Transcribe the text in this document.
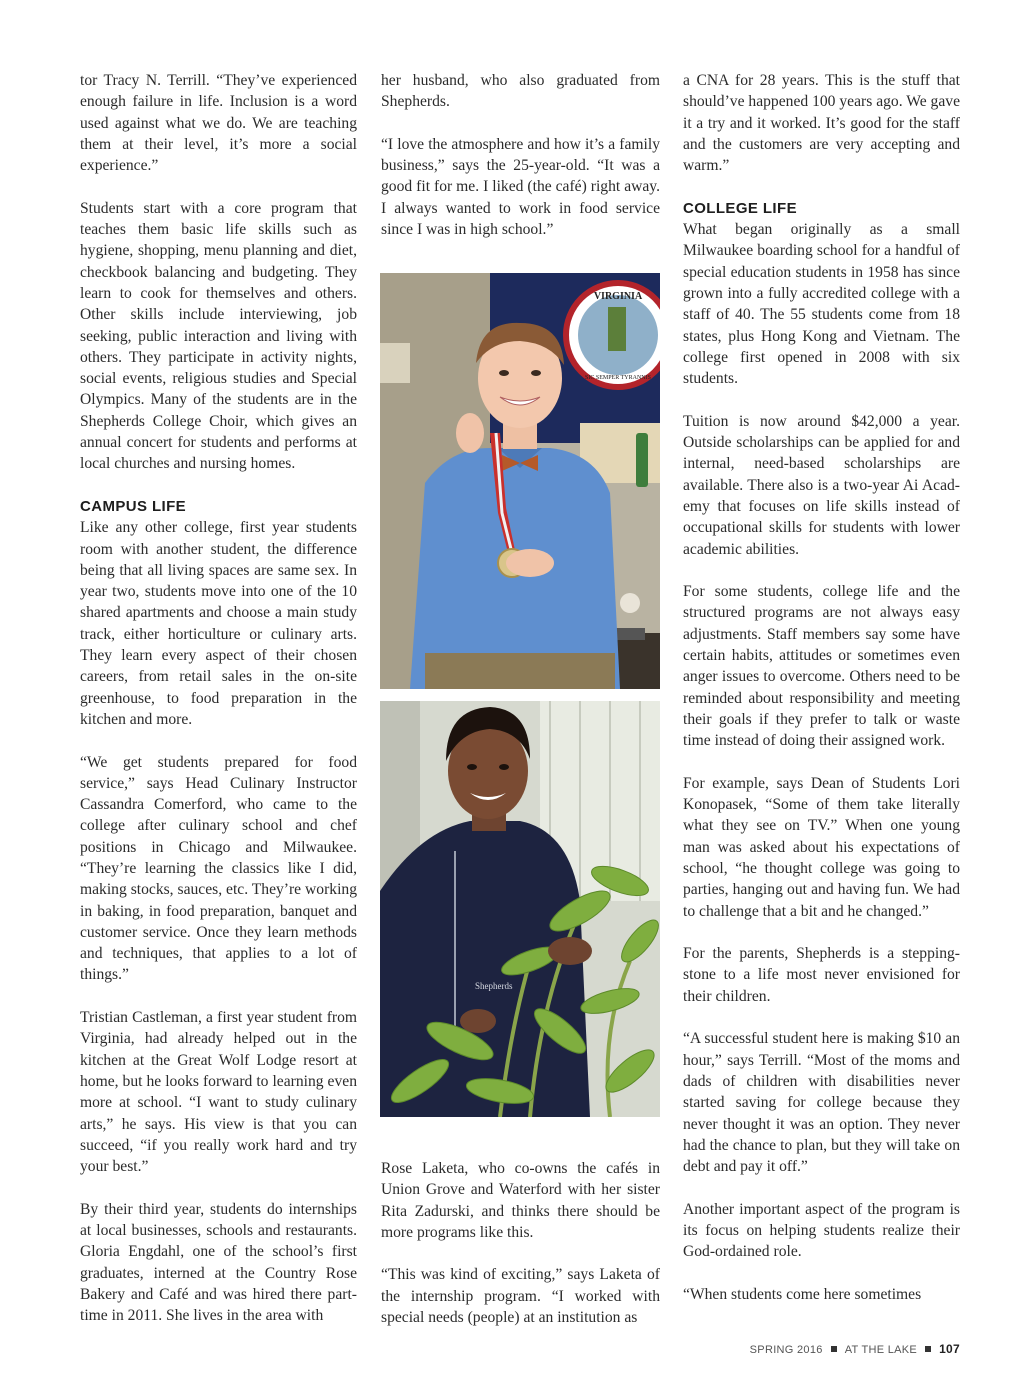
tor Tracy N. Terrill. “They’ve experienced enough failure in life. Inclusion is a word used against what we do. We are teaching them at their level, it’s more a social experience.”

Students start with a core program that teaches them basic life skills such as hygiene, shopping, menu planning and diet, checkbook balancing and budgeting. They learn to cook for themselves and others. Other skills include interviewing, job seeking, public interaction and living with others. They participate in activity nights, social events, religious studies and Special Olympics. Many of the students are in the Shepherds College Choir, which gives an annual concert for students and performs at local churches and nursing homes.

CAMPUS LIFE

Like any other college, first year students room with another student, the difference being that all living spaces are same sex. In year two, students move into one of the 10 shared apartments and choose a main study track, either horticulture or culinary arts. They learn every aspect of their chosen careers, from retail sales in the on-site greenhouse, to food preparation in the kitchen and more.

“We get students prepared for food service,” says Head Culinary Instructor Cassandra Comerford, who came to the college after culinary school and chef positions in Chicago and Milwaukee. “They’re learning the classics like I did, making stocks, sauces, etc. They’re working in baking, in food preparation, banquet and customer service. Once they learn methods and techniques, that applies to a lot of things.”

Tristian Castleman, a first year student from Virginia, had already helped out in the kitchen at the Great Wolf Lodge resort at home, but he looks forward to learning even more at school. “I want to study culinary arts,” he says. His view is that you can succeed, “if you really work hard and try your best.”

By their third year, students do internships at local businesses, schools and restaurants. Gloria Engdahl, one of the school’s first graduates, interned at the Country Rose Bakery and Café and was hired there part-time in 2011. She lives in the area with

her husband, who also graduated from Shepherds.

“I love the atmosphere and how it’s a family business,” says the 25-year-old. “It was a good fit for me. I liked (the café) right away. I always wanted to work in food service since I was in high school.”

VIRGINIA
SIC SEMPER TYRANNIS
Shepherds

Rose Laketa, who co-owns the cafés in Union Grove and Waterford with her sister Rita Zadurski, and thinks there should be more programs like this.

“This was kind of exciting,” says Laketa of the internship program. “I worked with special needs (people) at an institution as

a CNA for 28 years. This is the stuff that should’ve happened 100 years ago. We gave it a try and it worked. It’s good for the staff and the customers are very accepting and warm.”

COLLEGE LIFE

What began originally as a small Milwaukee boarding school for a handful of special education students in 1958 has since grown into a fully accredited college with a staff of 40. The 55 students come from 18 states, plus Hong Kong and Vietnam. The college first opened in 2008 with six students.

Tuition is now around $42,000 a year. Outside scholarships can be applied for and internal, need-based scholarships are available. There also is a two-year Ai Academy that focuses on life skills instead of occupational skills for students with lower academic abilities.

For some students, college life and the structured programs are not always easy adjustments. Staff members say some have certain habits, attitudes or sometimes even anger issues to overcome. Others need to be reminded about responsibility and meeting their goals if they prefer to talk or waste time instead of doing their assigned work.

For example, says Dean of Students Lori Konopasek, “Some of them take literally what they see on TV.” When one young man was asked about his expectations of school, “he thought college was going to parties, hanging out and having fun. We had to challenge that a bit and he changed.”

For the parents, Shepherds is a stepping-stone to a life most never envisioned for their children.

“A successful student here is making $10 an hour,” says Terrill. “Most of the moms and dads of children with disabilities never started saving for college because they never thought it was an option. They never had the chance to plan, but they will take on debt and pay it off.”

Another important aspect of the program is its focus on helping students realize their God-ordained role.

“When students come here sometimes

SPRING 2016 AT THE LAKE 107
